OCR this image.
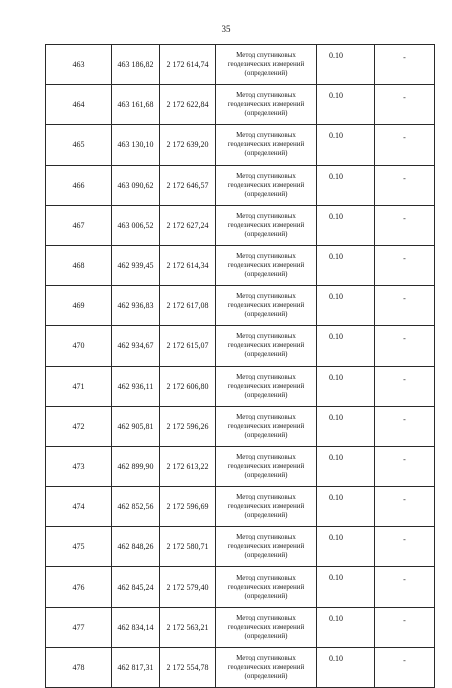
35
463	463 186,82	2 172 614,74	Метод спутниковых
геодезических измерений
(определений)	0.10	-
464	463 161,68	2 172 622,84	Метод спутниковых
геодезических измерений
(определений)	0.10	-
465	463 130,10	2 172 639,20	Метод спутниковых
геодезических измерений
(определений)	0.10	-
466	463 090,62	2 172 646,57	Метод спутниковых
геодезических измерений
(определений)	0.10	-
467	463 006,52	2 172 627,24	Метод спутниковых
геодезических измерений
(определений)	0.10	-
468	462 939,45	2 172 614,34	Метод спутниковых
геодезических измерений
(определений)	0.10	-
469	462 936,83	2 172 617,08	Метод спутниковых
геодезических измерений
(определений)	0.10	-
470	462 934,67	2 172 615,07	Метод спутниковых
геодезических измерений
(определений)	0.10	-
471	462 936,11	2 172 606,80	Метод спутниковых
геодезических измерений
(определений)	0.10	-
472	462 905,81	2 172 596,26	Метод спутниковых
геодезических измерений
(определений)	0.10	-
473	462 899,90	2 172 613,22	Метод спутниковых
геодезических измерений
(определений)	0.10	-
474	462 852,56	2 172 596,69	Метод спутниковых
геодезических измерений
(определений)	0.10	-
475	462 848,26	2 172 580,71	Метод спутниковых
геодезических измерений
(определений)	0.10	-
476	462 845,24	2 172 579,40	Метод спутниковых
геодезических измерений
(определений)	0.10	-
477	462 834,14	2 172 563,21	Метод спутниковых
геодезических измерений
(определений)	0.10	-
478	462 817,31	2 172 554,78	Метод спутниковых
геодезических измерений
(определений)	0.10	-
